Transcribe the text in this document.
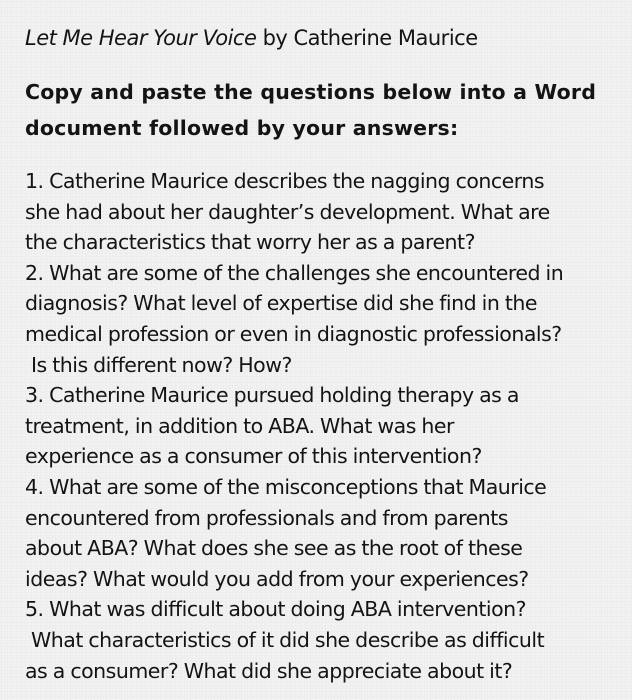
Let Me Hear Your Voice by Catherine Maurice
Copy and paste the questions below into a Word
document followed by your answers:
1. Catherine Maurice describes the nagging concerns
she had about her daughter’s development. What are
the characteristics that worry her as a parent?
2. What are some of the challenges she encountered in
diagnosis? What level of expertise did she find in the
medical profession or even in diagnostic professionals?
Is this different now? How?
3. Catherine Maurice pursued holding therapy as a
treatment, in addition to ABA. What was her
experience as a consumer of this intervention?
4. What are some of the misconceptions that Maurice
encountered from professionals and from parents
about ABA? What does she see as the root of these
ideas? What would you add from your experiences?
5. What was difficult about doing ABA intervention?
What characteristics of it did she describe as difficult
as a consumer? What did she appreciate about it?
